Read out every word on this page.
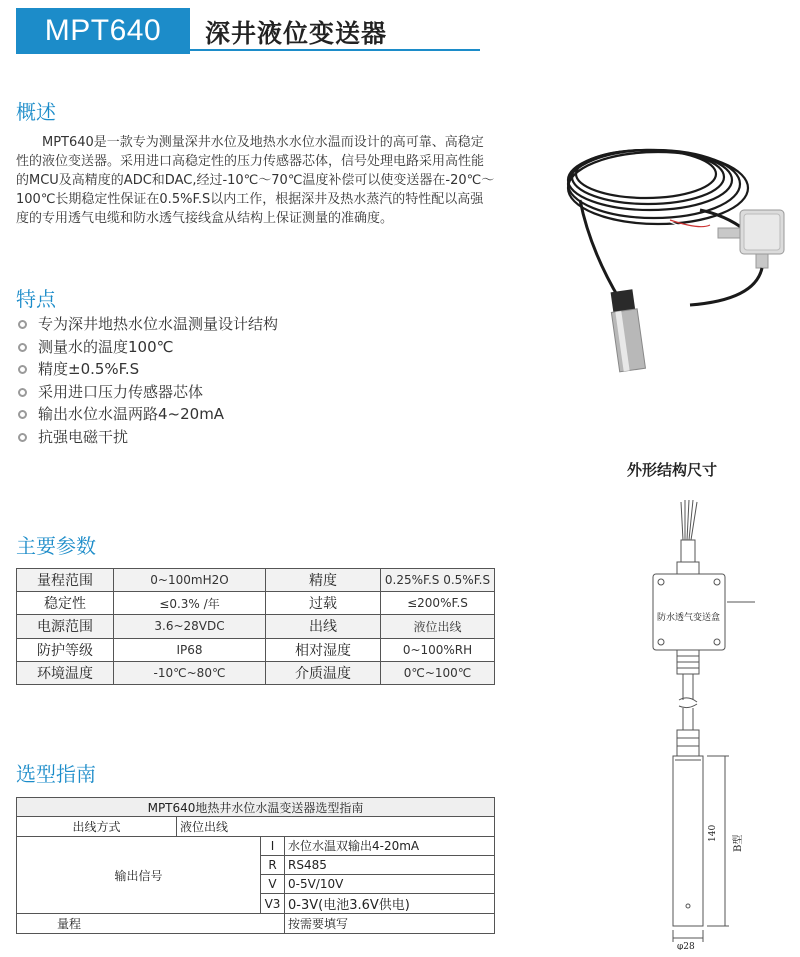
MPT640	深井液位变送器
概述

MPT640是一款专为测量深井水位及地热水水位水温而设计的高可靠、高稳定性的液位变送器。采用进口高稳定性的压力传感器芯体，信号处理电路采用高性能的MCU及高精度的ADC和DAC,经过-10℃～70℃温度补偿可以使变送器在-20℃～100℃长期稳定性保证在0.5%F.S以内工作，根据深井及热水蒸汽的特性配以高强度的专用透气电缆和防水透气接线盒从结构上保证测量的准确度。

特点
专为深井地热水位水温测量设计结构
测量水的温度100℃
精度±0.5%F.S
采用进口压力传感器芯体
输出水位水温两路4~20mA
抗强电磁干扰
外形结构尺寸
防水透气变送盒
140
B型
φ28
主要参数
量程范围	0~100mH2O	精度	0.25%F.S 0.5%F.S
稳定性	≤0.3% /年	过载	≤200%F.S
电源范围	3.6~28VDC	出线	液位出线
防护等级	IP68	相对湿度	0~100%RH
环境温度	-10℃~80℃	介质温度	0℃~100℃
选型指南
MPT640地热井水位水温变送器选型指南			
出线方式	液位出线		
输出信号		I	水位水温双输出4-20mA
		R	RS485
		V	0-5V/10V
		V3	0-3V(电池3.6V供电)
量程			按需要填写
